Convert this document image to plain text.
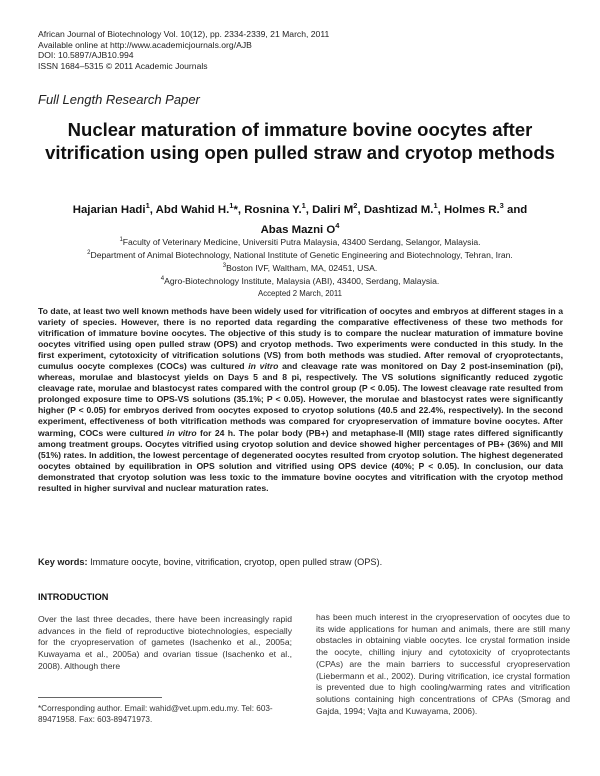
African Journal of Biotechnology Vol. 10(12), pp. 2334-2339, 21 March, 2011
Available online at http://www.academicjournals.org/AJB
DOI: 10.5897/AJB10.994
ISSN 1684–5315 © 2011 Academic Journals
Full Length Research Paper
Nuclear maturation of immature bovine oocytes after vitrification using open pulled straw and cryotop methods
Hajarian Hadi$^1$, Abd Wahid H.$^1$*, Rosnina Y.$^1$, Daliri $M^2$, Dashtizad M.$^1$, Holmes R.$^3$ and
Abas Mazni $O^4$
$^1$Faculty of Veterinary Medicine, Universiti Putra Malaysia, 43400 Serdang, Selangor, Malaysia.
$^2$Department of Animal Biotechnology, National Institute of Genetic Engineering and Biotechnology, Tehran, Iran.
$^3$Boston IVF, Waltham, MA, 02451, USA.
$^4$Agro-Biotechnology Institute, Malaysia (ABI), 43400, Serdang, Malaysia.
Accepted 2 March, 2011
To date, at least two well known methods have been widely used for vitrification of oocytes and embryos at different stages in a variety of species. However, there is no reported data regarding the comparative effectiveness of these two methods for vitrification of immature bovine oocytes. The objective of this study is to compare the nuclear maturation of immature bovine oocytes vitrified using open pulled straw (OPS) and cryotop methods. Two experiments were conducted in this study. In the first experiment, cytotoxicity of vitrification solutions (VS) from both methods was studied. After removal of cryoprotectants, cumulus oocyte complexes (COCs) was cultured in vitro and cleavage rate was monitored on Day 2 post-insemination (pi), whereas, morulae and blastocyst yields on Days 5 and 8 pi, respectively. The VS solutions significantly reduced zygotic cleavage rate, morulae and blastocyst rates compared with the control group (P < 0.05). The lowest cleavage rate resulted from prolonged exposure time to OPS-VS solutions (35.1%; P < 0.05). However, the morulae and blastocyst rates were significantly higher (P < 0.05) for embryos derived from oocytes exposed to cryotop solutions (40.5 and 22.4%, respectively). In the second experiment, effectiveness of both vitrification methods was compared for cryopreservation of immature bovine oocytes. After warming, COCs were cultured in vitro for 24 h. The polar body (PB+) and metaphase-II (MII) stage rates differed significantly among treatment groups. Oocytes vitrified using cryotop solution and device showed higher percentages of PB+ (36%) and MII (51%) rates. In addition, the lowest percentage of degenerated oocytes resulted from cryotop solution. The highest degenerated oocytes obtained by equilibration in OPS solution and vitrified using OPS device (40%; P < 0.05). In conclusion, our data demonstrated that cryotop solution was less toxic to the immature bovine oocytes and vitrification with the cryotop method resulted in higher survival and nuclear maturation rates.
Key words: Immature oocyte, bovine, vitrification, cryotop, open pulled straw (OPS).
INTRODUCTION
Over the last three decades, there have been increasingly rapid advances in the field of reproductive biotechnologies, especially for the cryopreservation of gametes (Isachenko et al., 2005a; Kuwayama et al., 2005a) and ovarian tissue (Isachenko et al., 2008). Although there
has been much interest in the cryopreservation of oocytes due to its wide applications for human and animals, there are still many obstacles in obtaining viable oocytes. Ice crystal formation inside the oocyte, chilling injury and cytotoxicity of cryoprotectants (CPAs) are the main barriers to successful cryopreservation (Liebermann et al., 2002). During vitrification, ice crystal formation is prevented due to high cooling/warming rates and vitrification solutions containing high concentrations of CPAs (Smorag and Gajda, 1994; Vajta and Kuwayama, 2006).
*Corresponding author. Email: wahid@vet.upm.edu.my. Tel: 603-89471958. Fax: 603-89471973.
